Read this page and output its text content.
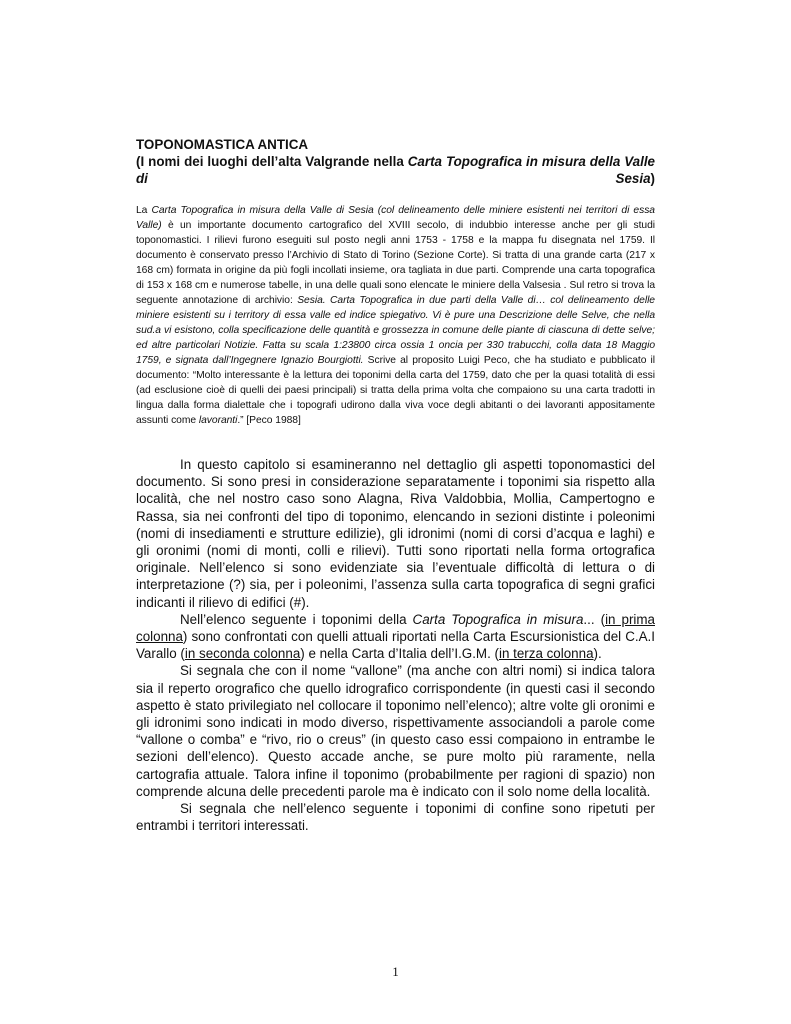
TOPONOMASTICA ANTICA
(I nomi dei luoghi dell’alta Valgrande nella Carta Topografica in misura della Valle di Sesia)
La Carta Topografica in misura della Valle di Sesia (col delineamento delle miniere esistenti nei territori di essa Valle) è un importante documento cartografico del XVIII secolo, di indubbio interesse anche per gli studi toponomastici. I rilievi furono eseguiti sul posto negli anni 1753 - 1758 e la mappa fu disegnata nel 1759. Il documento è conservato presso l’Archivio di Stato di Torino (Sezione Corte). Si tratta di una grande carta (217 x 168 cm) formata in origine da più fogli incollati insieme, ora tagliata in due parti. Comprende una carta topografica di 153 x 168 cm e numerose tabelle, in una delle quali sono elencate le miniere della Valsesia . Sul retro si trova la seguente annotazione di archivio: Sesia. Carta Topografica in due parti della Valle di… col delineamento delle miniere esistenti su i territory di essa valle ed indice spiegativo. Vi è pure una Descrizione delle Selve, che nella sud.a vi esistono, colla specificazione delle quantità e grossezza in comune delle piante di ciascuna di dette selve; ed altre particolari Notizie. Fatta su scala 1:23800 circa ossia 1 oncia per 330 trabucchi, colla data 18 Maggio 1759, e signata dall’Ingegnere Ignazio Bourgiotti. Scrive al proposito Luigi Peco, che ha studiato e pubblicato il documento: “Molto interessante è la lettura dei toponimi della carta del 1759, dato che per la quasi totalità di essi (ad esclusione cioè di quelli dei paesi principali) si tratta della prima volta che compaiono su una carta tradotti in lingua dalla forma dialettale che i topografi udirono dalla viva voce degli abitanti o dei lavoranti appositamente assunti come lavoranti.” [Peco 1988]

In questo capitolo si esamineranno nel dettaglio gli aspetti toponomastici del documento. Si sono presi in considerazione separatamente i toponimi sia rispetto alla località, che nel nostro caso sono Alagna, Riva Valdobbia, Mollia, Campertogno e Rassa, sia nei confronti del tipo di toponimo, elencando in sezioni distinte i poleonimi (nomi di insediamenti e strutture edilizie), gli idronimi (nomi di corsi d’acqua e laghi) e gli oronimi (nomi di monti, colli e rilievi). Tutti sono riportati nella forma ortografica originale. Nell’elenco si sono evidenziate sia l’eventuale difficoltà di lettura o di interpretazione (?) sia, per i poleonimi, l’assenza sulla carta topografica di segni grafici indicanti il rilievo di edifici (#).

Nell’elenco seguente i toponimi della Carta Topografica in misura... (in prima colonna) sono confrontati con quelli attuali riportati nella Carta Escursionistica del C.A.I Varallo (in seconda colonna) e nella Carta d’Italia dell’I.G.M. (in terza colonna).

Si segnala che con il nome “vallone” (ma anche con altri nomi) si indica talora sia il reperto orografico che quello idrografico corrispondente (in questi casi il secondo aspetto è stato privilegiato nel collocare il toponimo nell’elenco); altre volte gli oronimi e gli idronimi sono indicati in modo diverso, rispettivamente associandoli a parole come “vallone o comba” e “rivo, rio o creus” (in questo caso essi compaiono in entrambe le sezioni dell’elenco). Questo accade anche, se pure molto più raramente, nella cartografia attuale. Talora infine il toponimo (probabilmente per ragioni di spazio) non comprende alcuna delle precedenti parole ma è indicato con il solo nome della località.

Si segnala che nell’elenco seguente i toponimi di confine sono ripetuti per entrambi i territori interessati.

1
